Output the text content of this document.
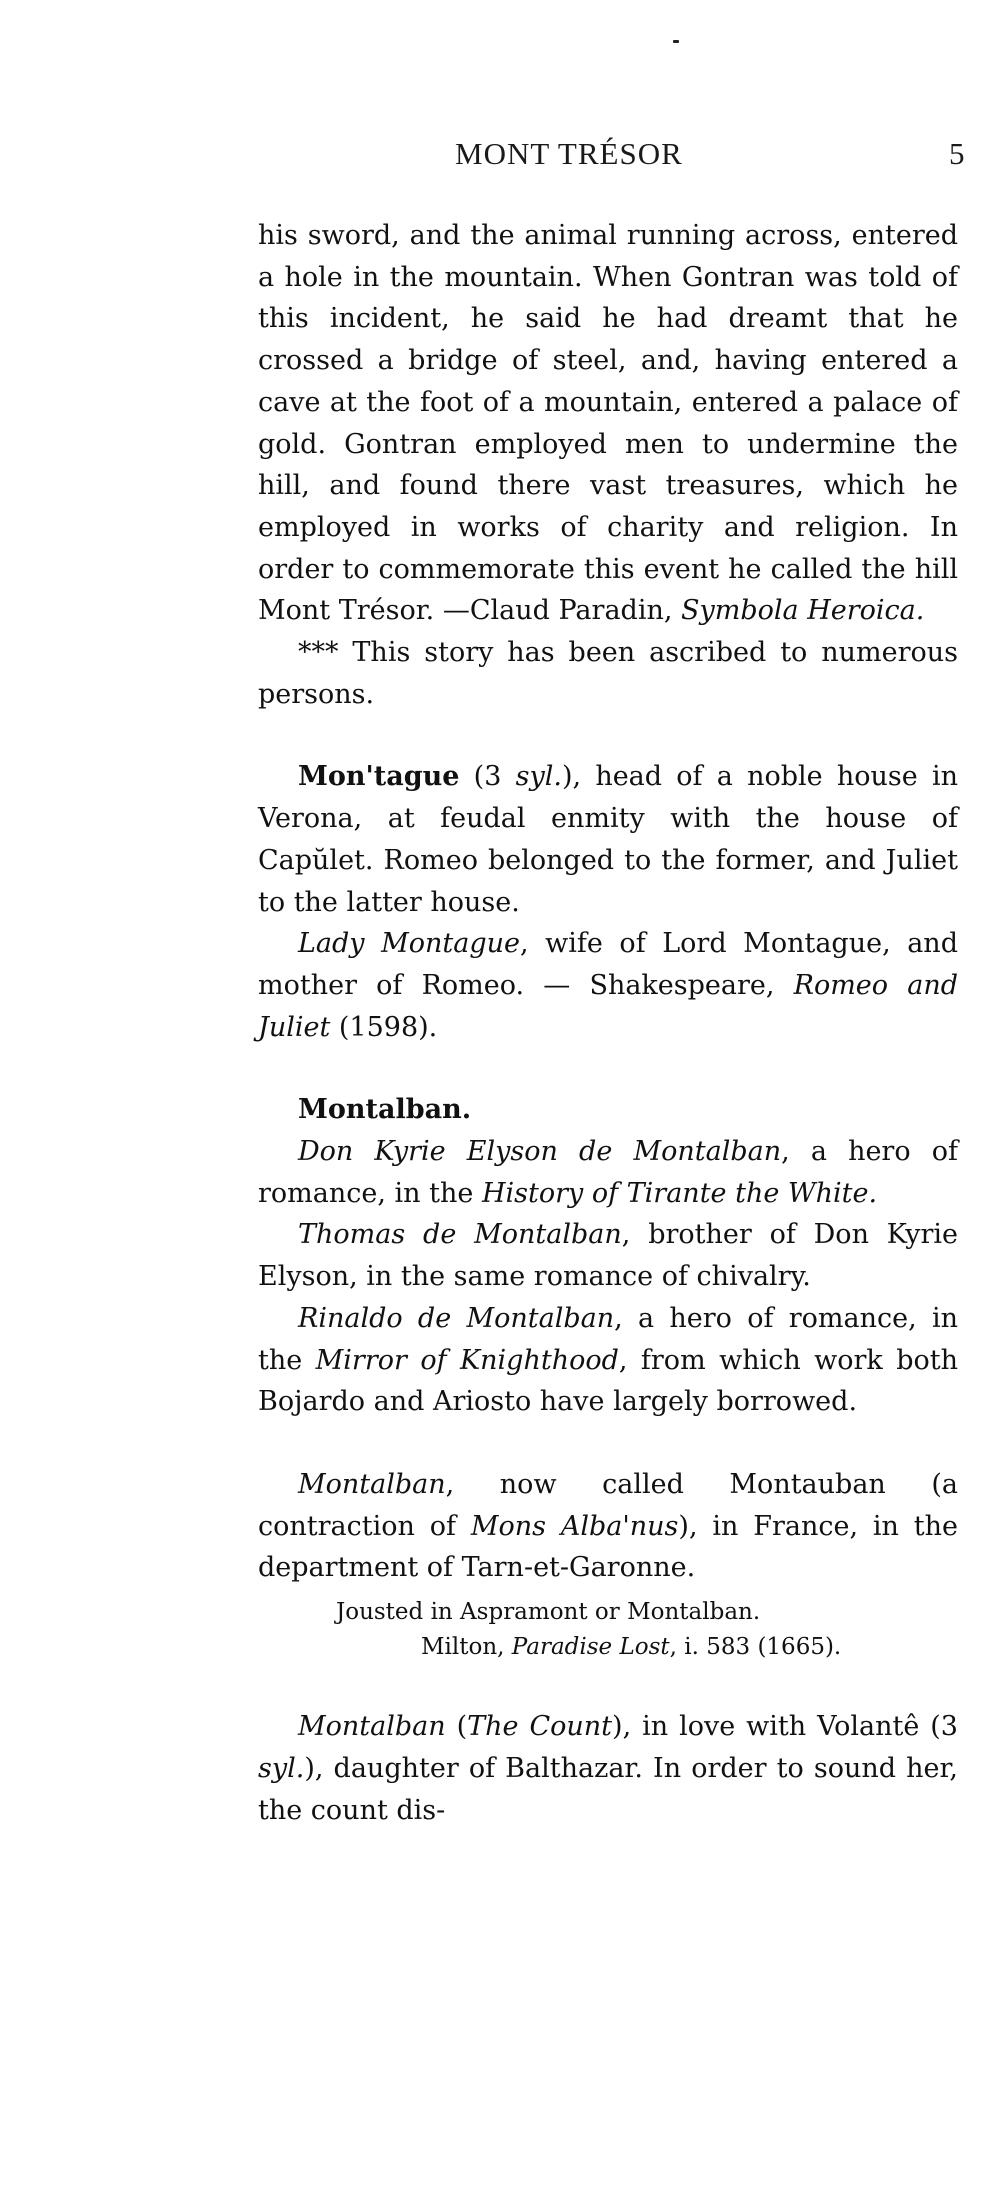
MONT TRÉSOR	5

his sword, and the animal running across, entered a hole in the mountain. When Gontran was told of this incident, he said he had dreamt that he crossed a bridge of steel, and, having entered a cave at the foot of a mountain, entered a palace of gold. Gontran employed men to undermine the hill, and found there vast treasures, which he employed in works of charity and religion. In order to commemorate this event he called the hill Mont Trésor. —Claud Paradin, Symbola Heroica.

*** This story has been ascribed to numerous persons.

Mon'tague (3 syl.), head of a noble house in Verona, at feudal enmity with the house of Capŭlet. Romeo belonged to the former, and Juliet to the latter house.

Lady Montague, wife of Lord Montague, and mother of Romeo. — Shakespeare, Romeo and Juliet (1598).

Montalban.

Don Kyrie Elyson de Montalban, a hero of romance, in the History of Tirante the White.

Thomas de Montalban, brother of Don Kyrie Elyson, in the same romance of chivalry.

Rinaldo de Montalban, a hero of romance, in the Mirror of Knighthood, from which work both Bojardo and Ariosto have largely borrowed.

Montalban, now called Montauban (a contraction of Mons Alba'nus), in France, in the department of Tarn-et-Garonne.

Jousted in Aspramont or Montalban.

Milton, Paradise Lost, i. 583 (1665).

Montalban (The Count), in love with Volantê (3 syl.), daughter of Balthazar. In order to sound her, the count dis-
